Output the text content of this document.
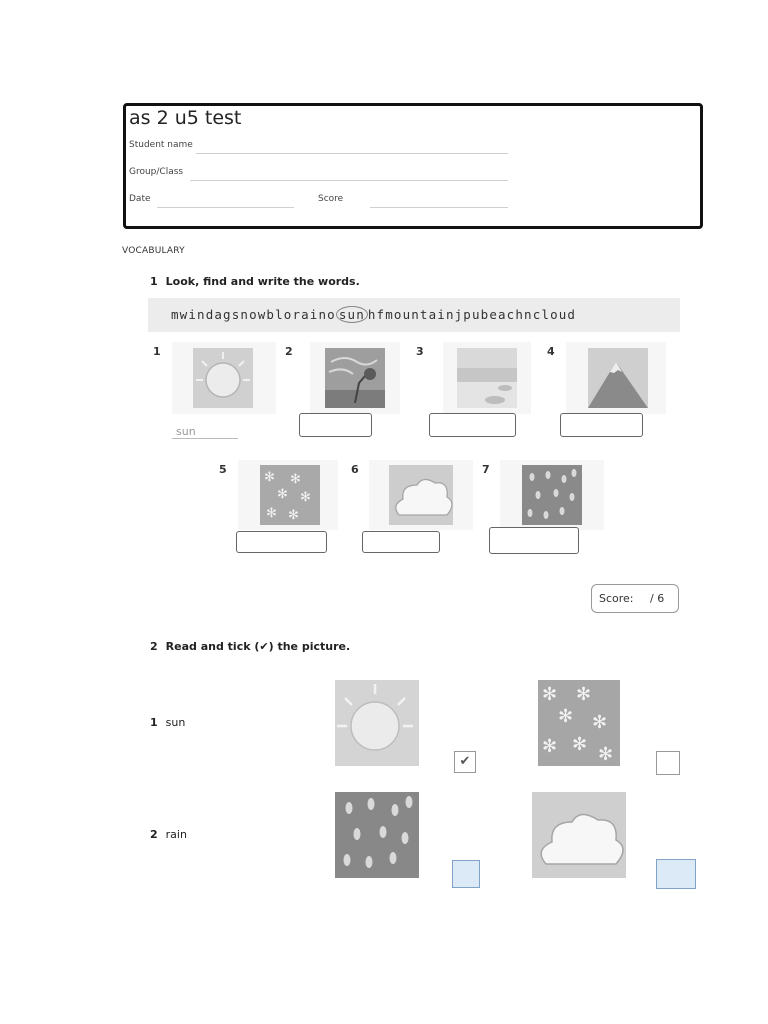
as 2 u5 test
Student name
Group/Class
Date	Score
VOCABULARY
1 Look, find and write the words.
mwindagsnowbloraino sun hfmountainjpubeachncloud
1	2	3	4
sun
5	6	7
✻ ✻
✻ ✻
✻ ✻
Score: / 6
2 Read and tick (✔) the picture.
1 sun
✔
✻ ✻
✻ ✻
✻ ✻ ✻
2 rain
